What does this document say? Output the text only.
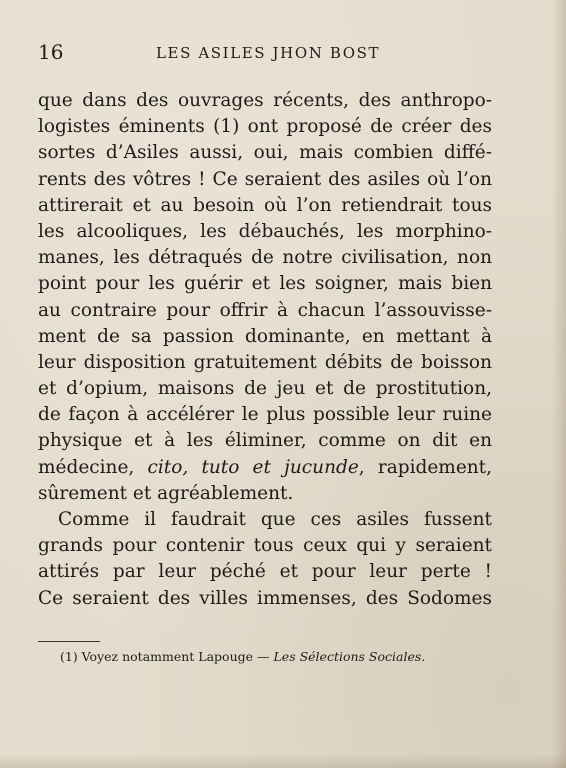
16	LES ASILES JHON BOST
que dans des ouvrages récents, des anthropo-
logistes éminents (1) ont proposé de créer des
sortes d’Asiles aussi, oui, mais combien diffé-
rents des vôtres ! Ce seraient des asiles où l’on
attirerait et au besoin où l’on retiendrait tous
les alcooliques, les débauchés, les morphino-
manes, les détraqués de notre civilisation, non
point pour les guérir et les soigner, mais bien
au contraire pour offrir à chacun l’assouvisse-
ment de sa passion dominante, en mettant à
leur disposition gratuitement débits de boisson
et d’opium, maisons de jeu et de prostitution,
de façon à accélérer le plus possible leur ruine
physique et à les éliminer, comme on dit en
médecine, cito, tuto et jucunde, rapidement,
sûrement et agréablement.
Comme il faudrait que ces asiles fussent
grands pour contenir tous ceux qui y seraient
attirés par leur péché et pour leur perte !
Ce seraient des villes immenses, des Sodomes
(1) Voyez notamment Lapouge — Les Sélections Sociales.
